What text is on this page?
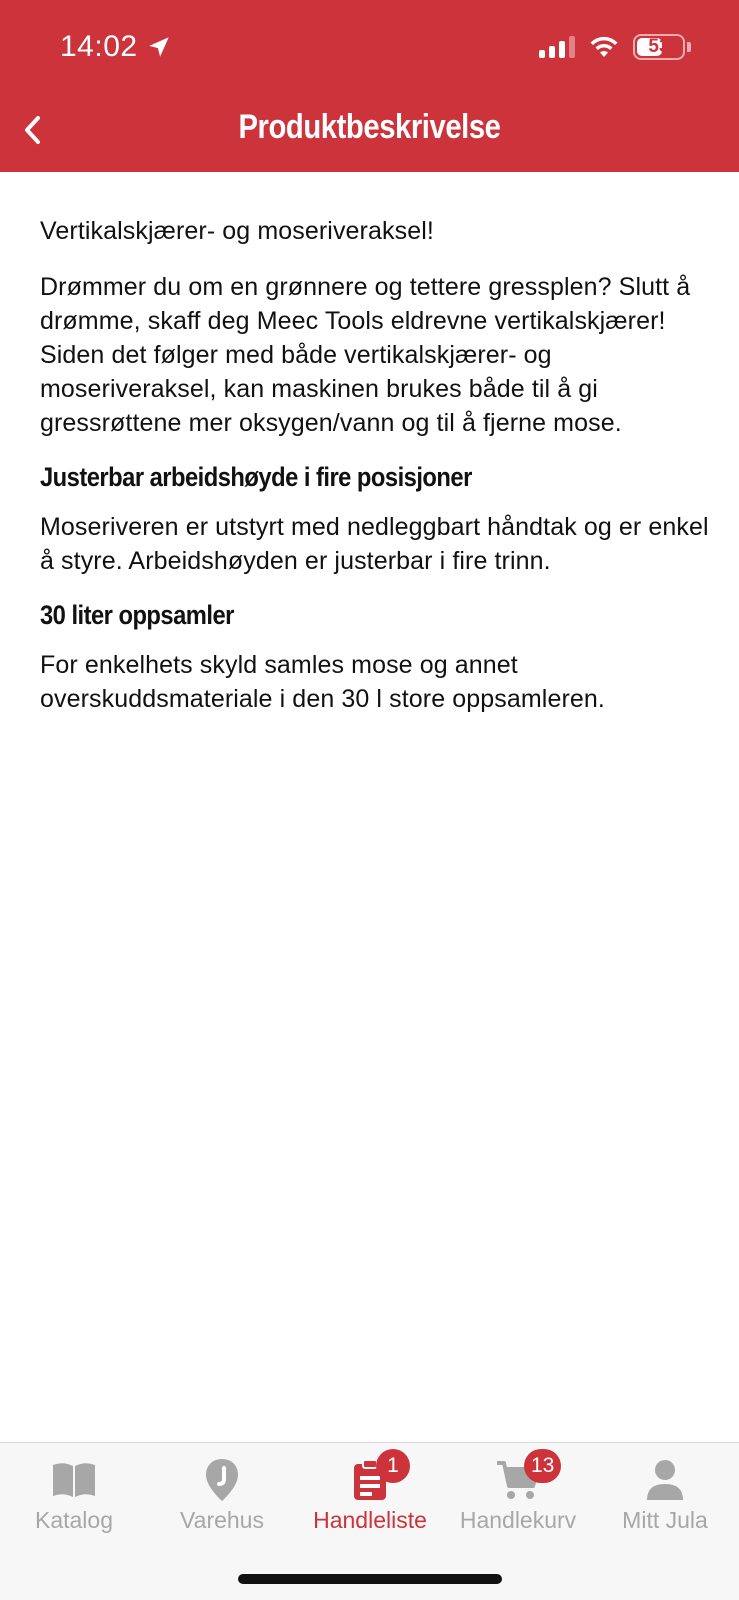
14:02	53
Produktbeskrivelse

Vertikalskjærer- og moseriveraksel!

Drømmer du om en grønnere og tettere gressplen? Slutt å drømme, skaff deg Meec Tools eldrevne vertikalskjærer! Siden det følger med både vertikalskjærer- og moseriveraksel, kan maskinen brukes både til å gi gressrøttene mer oksygen/vann og til å fjerne mose.

Justerbar arbeidshøyde i fire posisjoner

Moseriveren er utstyrt med nedleggbart håndtak og er enkel å styre. Arbeidshøyden er justerbar i fire trinn.

30 liter oppsamler

For enkelhets skyld samles mose og annet overskuddsmateriale i den 30 l store oppsamleren.

Katalog	Varehus
1
Handleliste
13
Handlekurv Mitt Jula
